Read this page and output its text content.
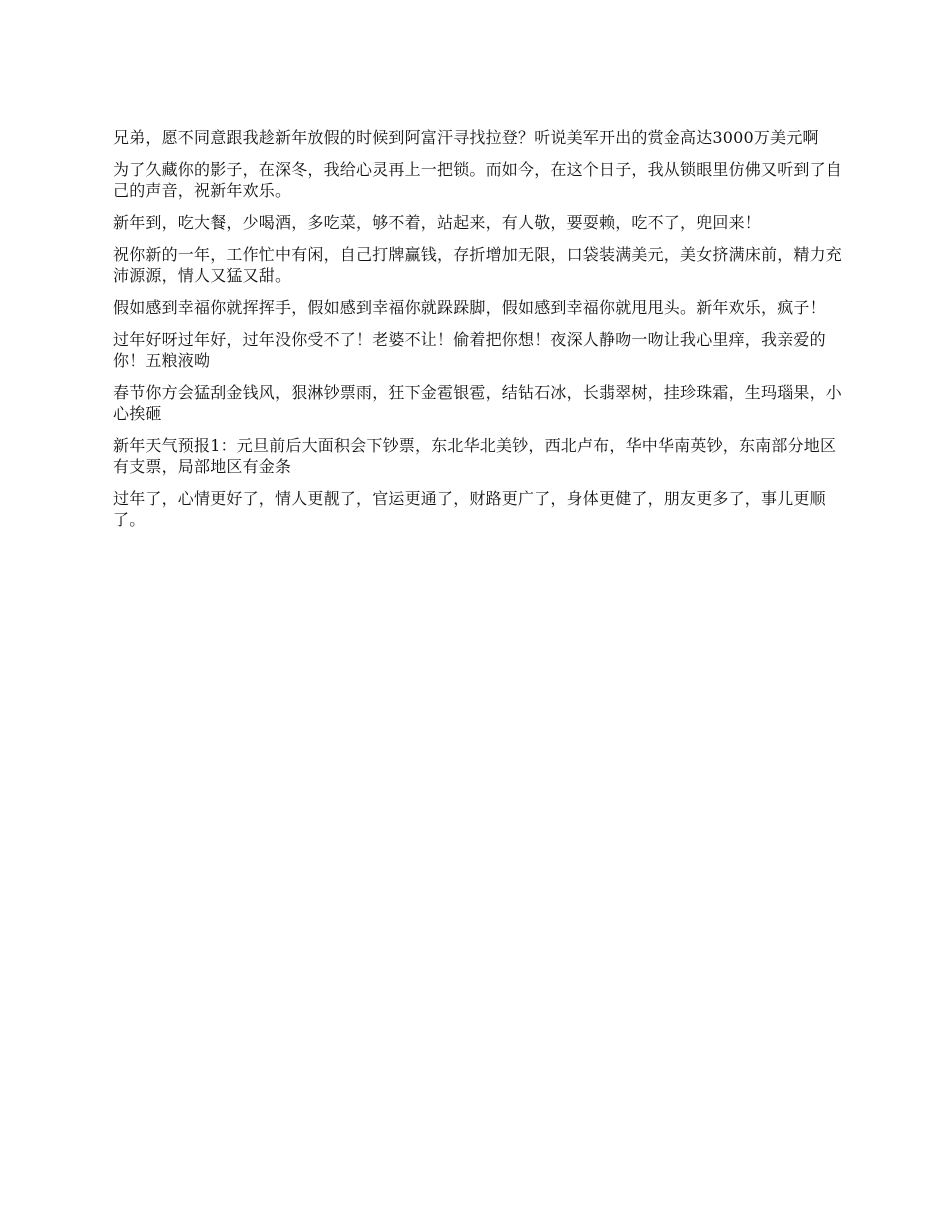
兄弟，愿不同意跟我趁新年放假的时候到阿富汗寻找拉登？听说美军开出的赏金高达3000万美元啊

为了久藏你的影子，在深冬，我给心灵再上一把锁。而如今，在这个日子，我从锁眼里仿佛又听到了自己的声音，祝新年欢乐。

新年到，吃大餐，少喝酒，多吃菜，够不着，站起来，有人敬，要耍赖，吃不了，兜回来！

祝你新的一年，工作忙中有闲，自己打牌赢钱，存折增加无限，口袋装满美元，美女挤满床前，精力充沛源源，情人又猛又甜。

假如感到幸福你就挥挥手，假如感到幸福你就跺跺脚，假如感到幸福你就甩甩头。新年欢乐，疯子！

过年好呀过年好，过年没你受不了！老婆不让！偷着把你想！夜深人静吻一吻让我心里痒，我亲爱的你！五粮液呦

春节你方会猛刮金钱风，狠淋钞票雨，狂下金雹银雹，结钻石冰，长翡翠树，挂珍珠霜，生玛瑙果，小心挨砸

新年天气预报1：元旦前后大面积会下钞票，东北华北美钞，西北卢布，华中华南英钞，东南部分地区有支票，局部地区有金条

过年了，心情更好了，情人更靓了，官运更通了，财路更广了，身体更健了，朋友更多了，事儿更顺了。
